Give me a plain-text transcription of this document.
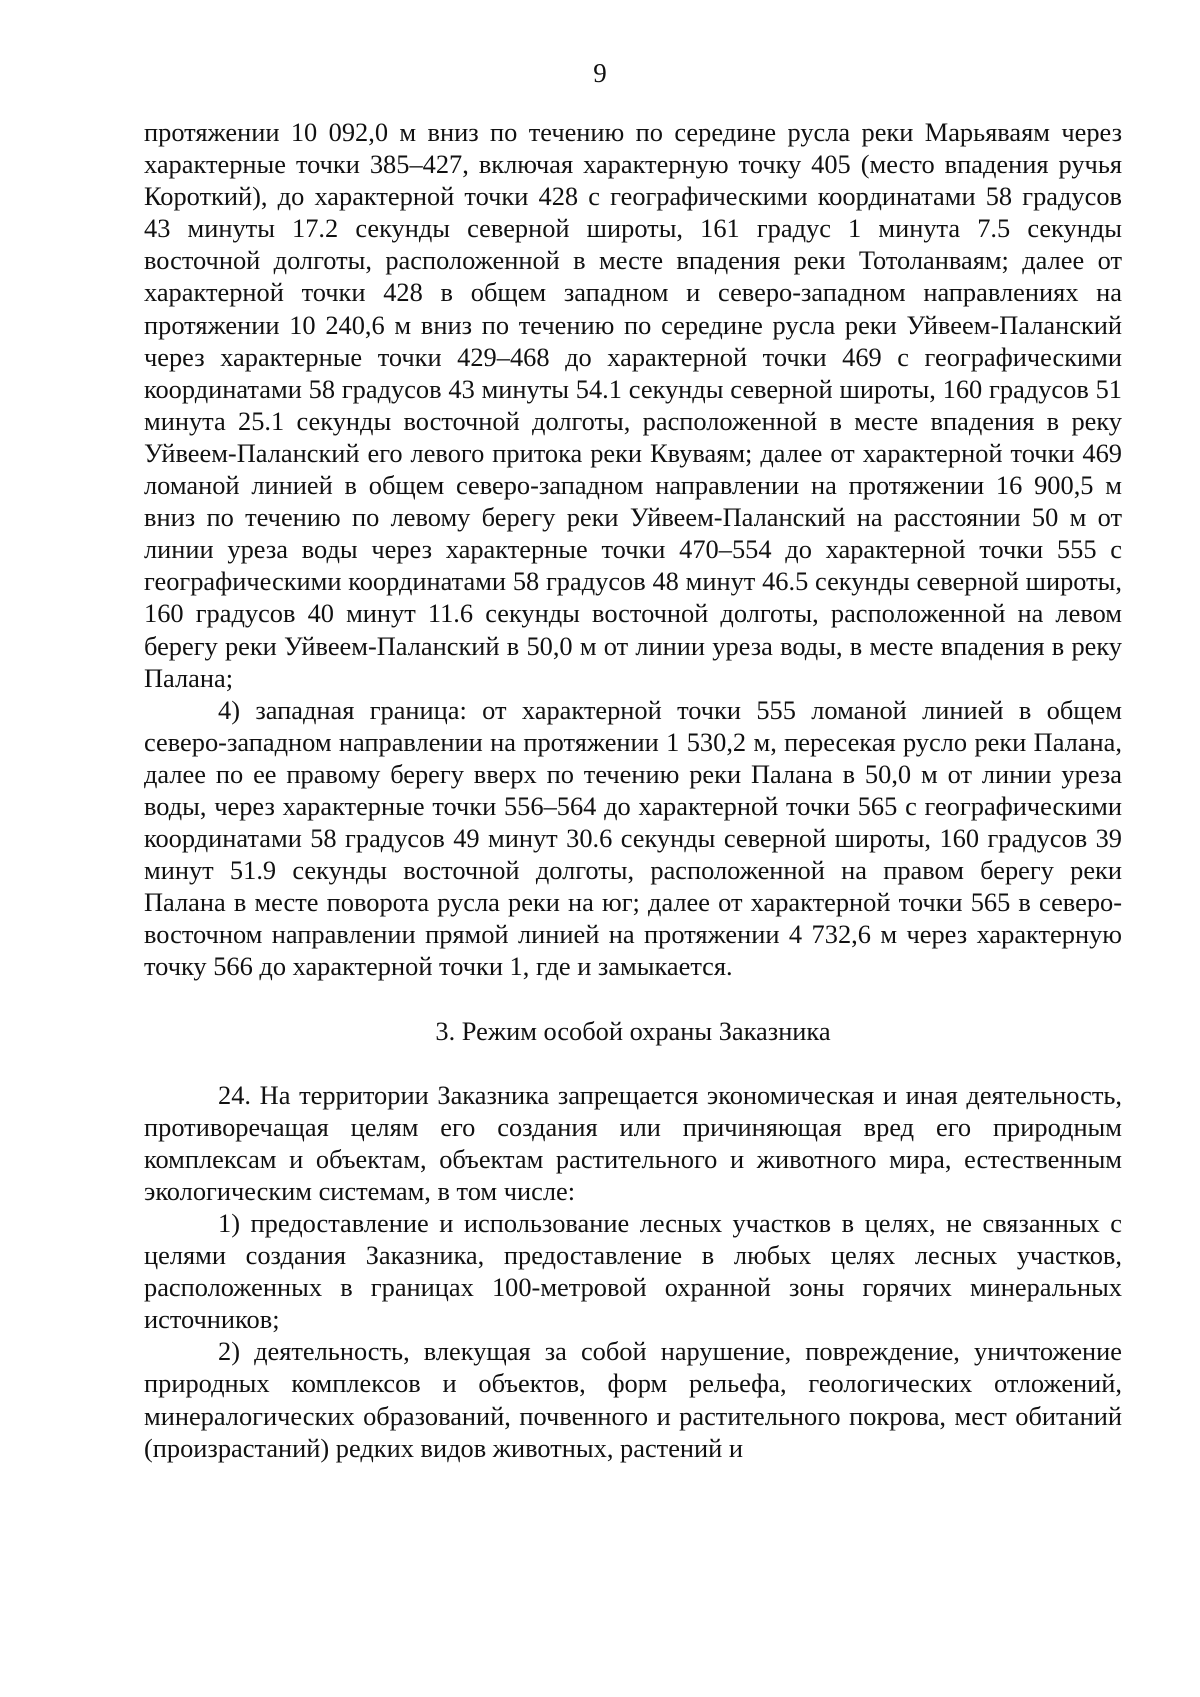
9

протяжении 10 092,0 м вниз по течению по середине русла реки Марьяваям через характерные точки 385–427, включая характерную точку 405 (место впадения ручья Короткий), до характерной точки 428 с географическими координатами 58 градусов 43 минуты 17.2 секунды северной широты, 161 градус 1 минута 7.5 секунды восточной долготы, расположенной в месте впадения реки Тотоланваям; далее от характерной точки 428 в общем западном и северо-западном направлениях на протяжении 10 240,6 м вниз по течению по середине русла реки Уйвеем-Паланский через характерные точки 429–468 до характерной точки 469 с географическими координатами 58 градусов 43 минуты 54.1 секунды северной широты, 160 градусов 51 минута 25.1 секунды восточной долготы, расположенной в месте впадения в реку Уйвеем-Паланский его левого притока реки Квуваям; далее от характерной точки 469 ломаной линией в общем северо-западном направлении на протяжении 16 900,5 м вниз по течению по левому берегу реки Уйвеем-Паланский на расстоянии 50 м от линии уреза воды через характерные точки 470–554 до характерной точки 555 с географическими координатами 58 градусов 48 минут 46.5 секунды северной широты, 160 градусов 40 минут 11.6 секунды восточной долготы, расположенной на левом берегу реки Уйвеем-Паланский в 50,0 м от линии уреза воды, в месте впадения в реку Палана;

4) западная граница: от характерной точки 555 ломаной линией в общем северо-западном направлении на протяжении 1 530,2 м, пересекая русло реки Палана, далее по ее правому берегу вверх по течению реки Палана в 50,0 м от линии уреза воды, через характерные точки 556–564 до характерной точки 565 с географическими координатами 58 градусов 49 минут 30.6 секунды северной широты, 160 градусов 39 минут 51.9 секунды восточной долготы, расположенной на правом берегу реки Палана в месте поворота русла реки на юг; далее от характерной точки 565 в северо-восточном направлении прямой линией на протяжении 4 732,6 м через характерную точку 566 до характерной точки 1, где и замыкается.

3. Режим особой охраны Заказника

24. На территории Заказника запрещается экономическая и иная деятельность, противоречащая целям его создания или причиняющая вред его природным комплексам и объектам, объектам растительного и животного мира, естественным экологическим системам, в том числе:

1) предоставление и использование лесных участков в целях, не связанных с целями создания Заказника, предоставление в любых целях лесных участков, расположенных в границах 100-метровой охранной зоны горячих минеральных источников;

2) деятельность, влекущая за собой нарушение, повреждение, уничтожение природных комплексов и объектов, форм рельефа, геологических отложений, минералогических образований, почвенного и растительного покрова, мест обитаний (произрастаний) редких видов животных, растений и
